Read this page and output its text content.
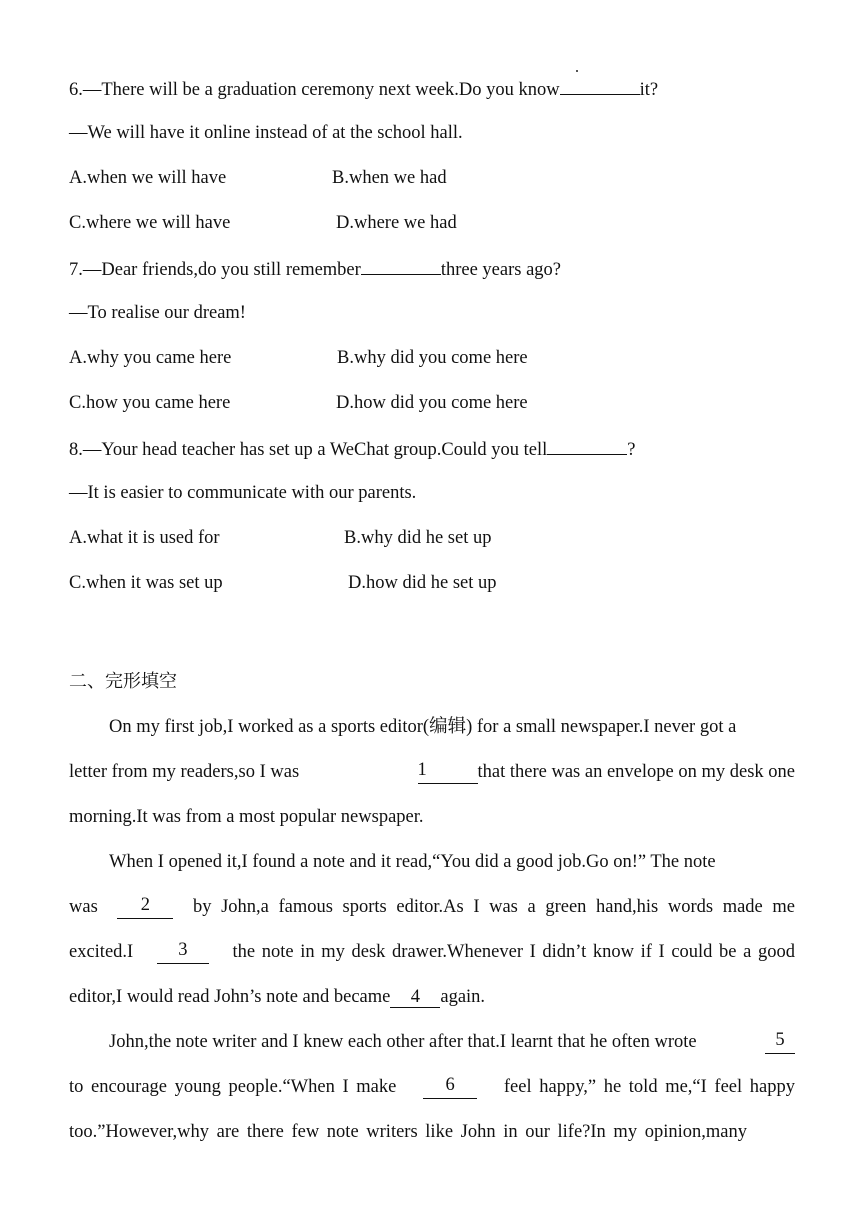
6.—There will be a graduation ceremony next week.Do you know	it?
—We will have it online instead of at the school hall.
A.when we will have	B.when we had
C.where we will have	D.where we had
7.—Dear friends,do you still remember	three years ago?
—To realise our dream!
A.why you came here	B.why did you come here
C.how you came here	D.how did you come here
8.—Your head teacher has set up a WeChat group.Could you tell	?
—It is easier to communicate with our parents.
A.what it is used for	B.why did he set up
C.when it was set up	D.how did he set up
二、完形填空
On my first job,I worked as a sports editor(编辑) for a small newspaper.I never got a
letter from my readers,so I was	1	that there was an envelope on my desk one
morning.It was from a most popular newspaper.
When I opened it,I found a note and it read,“You did a good job.Go on!” The note
was	2	by John,a famous sports editor.As I was a green hand,his words made me
excited.I	3	the note in my desk drawer.Whenever I didn’t know if I could be a good
editor,I would read John’s note and became 4 again.
John,the note writer and I knew each other after that.I learnt that he often wrote	5
to encourage young people.“When I make	6	feel happy,” he told me,“I feel happy
too.”However,why are there few note writers like John in our life?In my opinion,many
